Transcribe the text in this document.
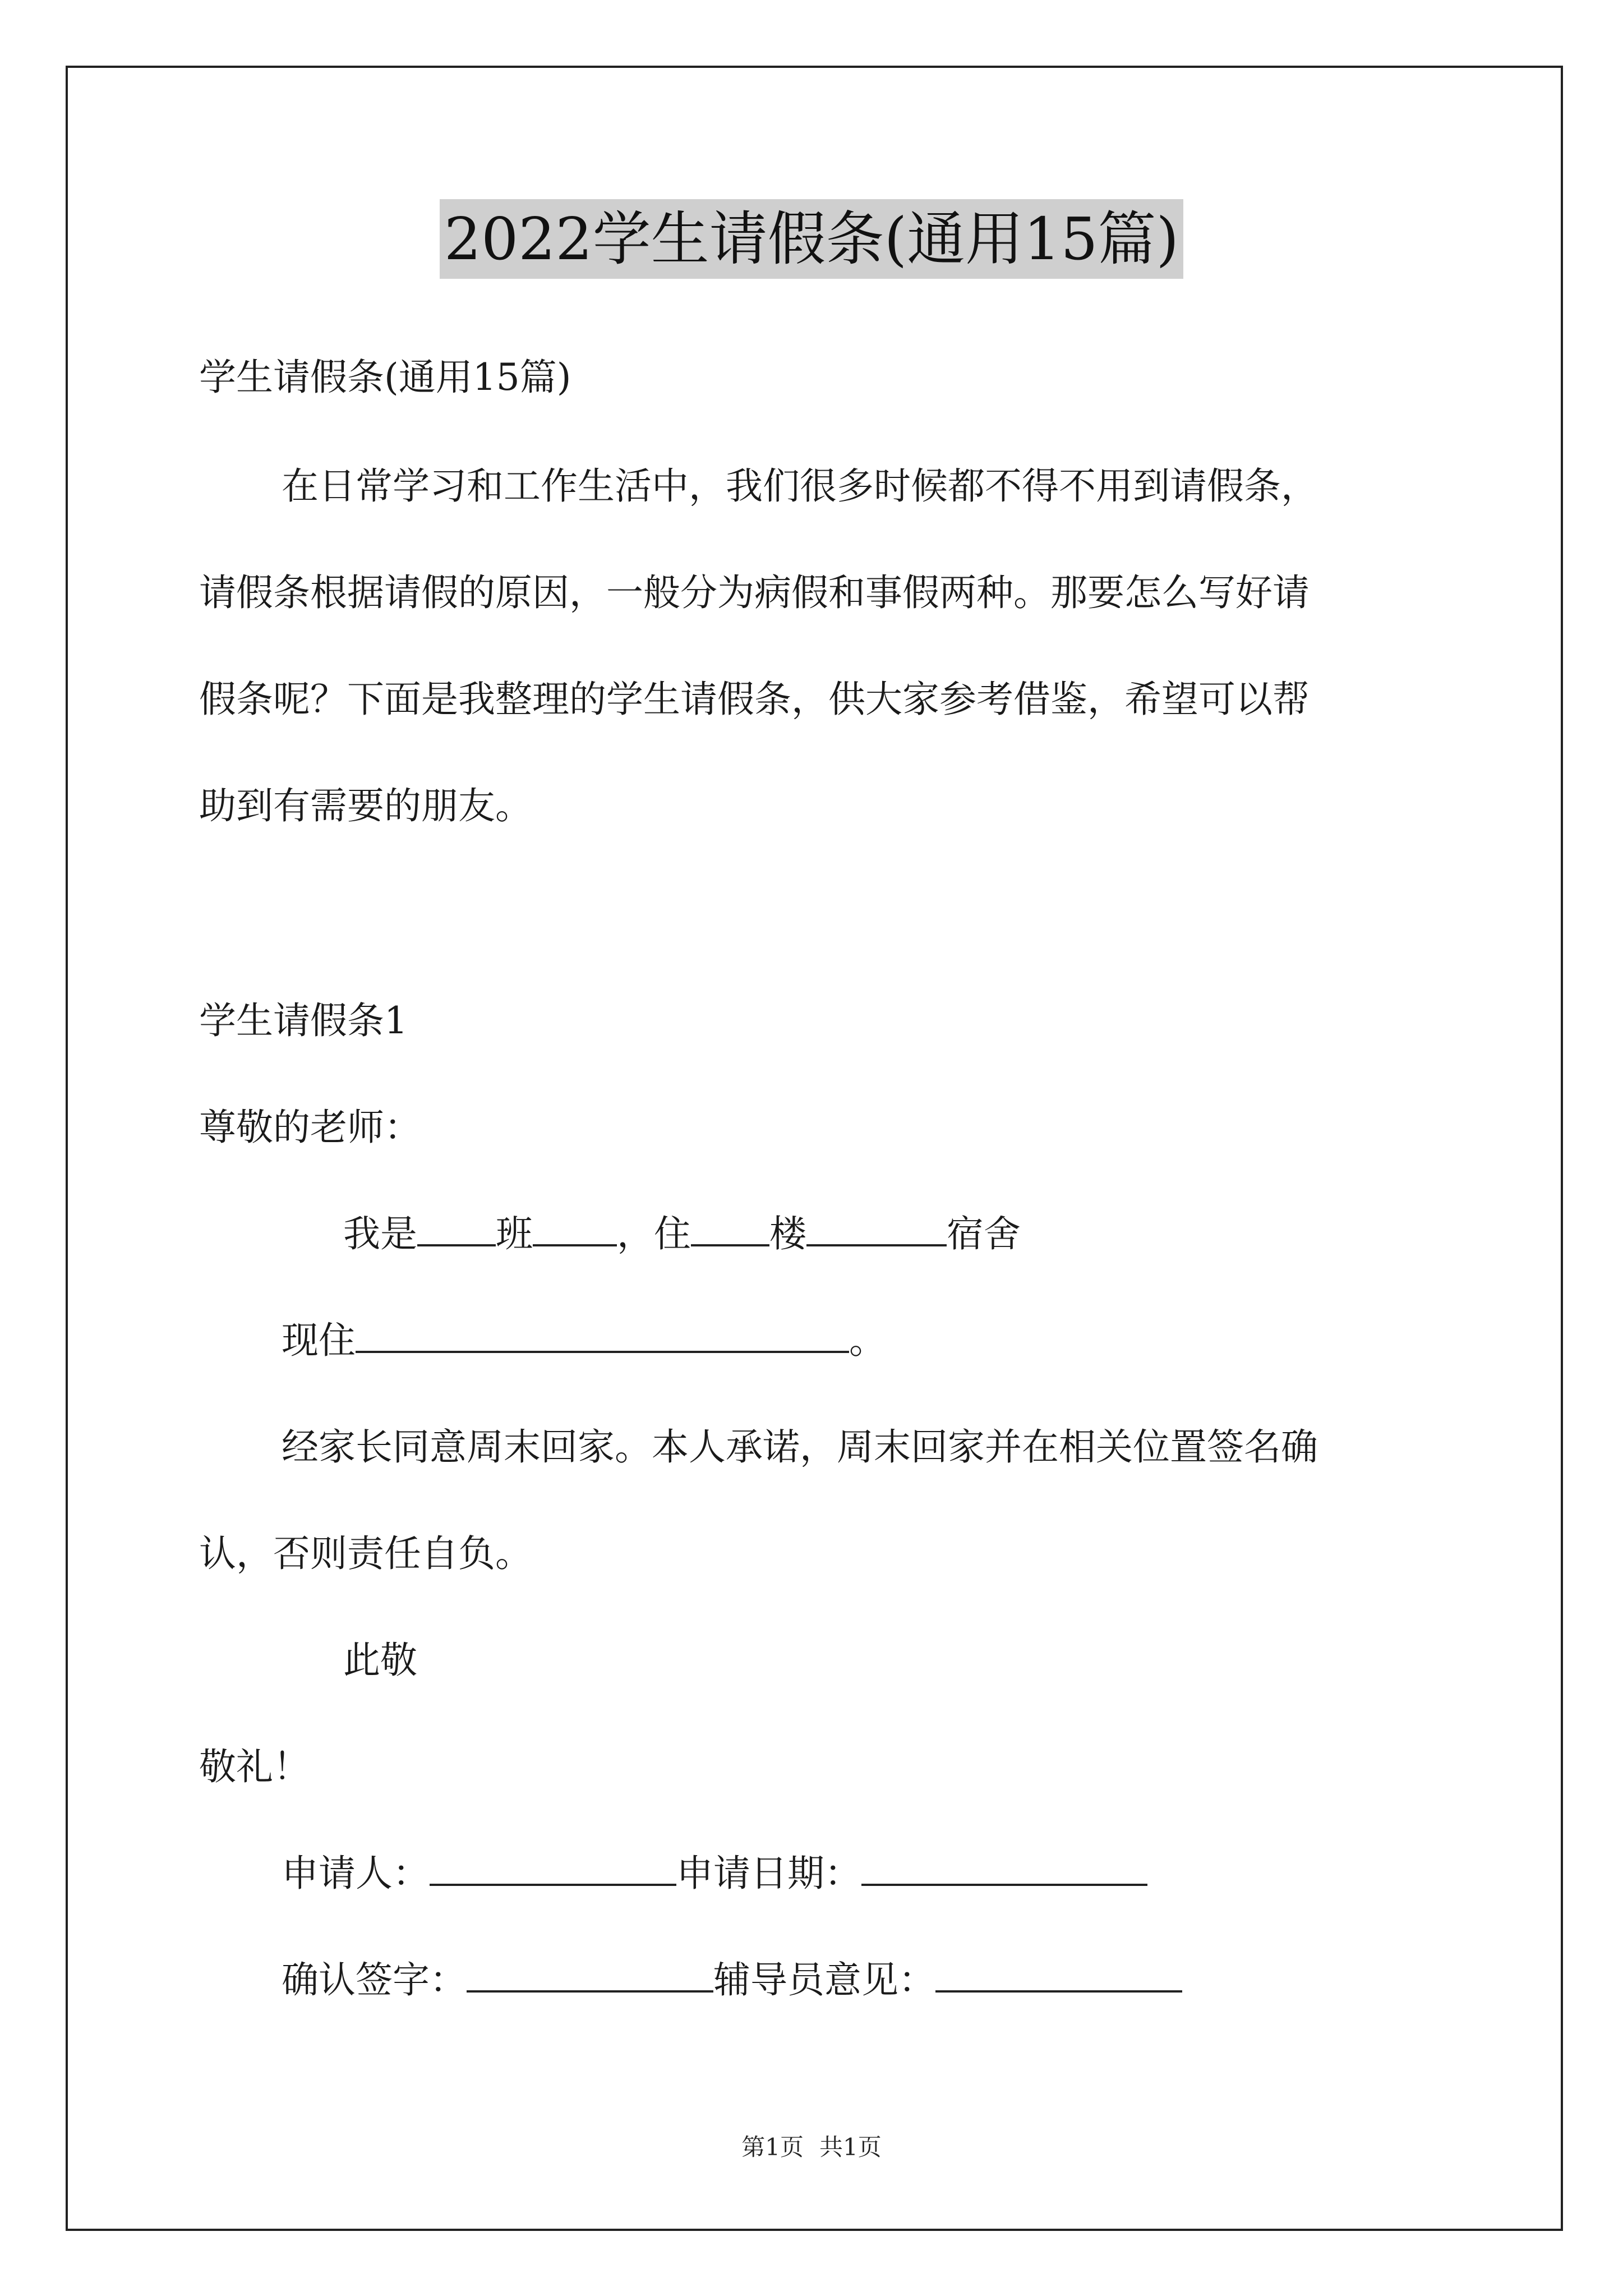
2022学生请假条(通用15篇)
学生请假条(通用15篇)
在日常学习和工作生活中，我们很多时候都不得不用到请假条，
请假条根据请假的原因，一般分为病假和事假两种。那要怎么写好请
假条呢？下面是我整理的学生请假条，供大家参考借鉴，希望可以帮
助到有需要的朋友。
学生请假条1
尊敬的老师：
我是 班 ，住 楼	宿舍
现住	。
经家长同意周末回家。本人承诺，周末回家并在相关位置签名确
认，否则责任自负。
此敬
敬礼！
申请人：	申请日期：
确认签字：	辅导员意见：
第1页 共1页
